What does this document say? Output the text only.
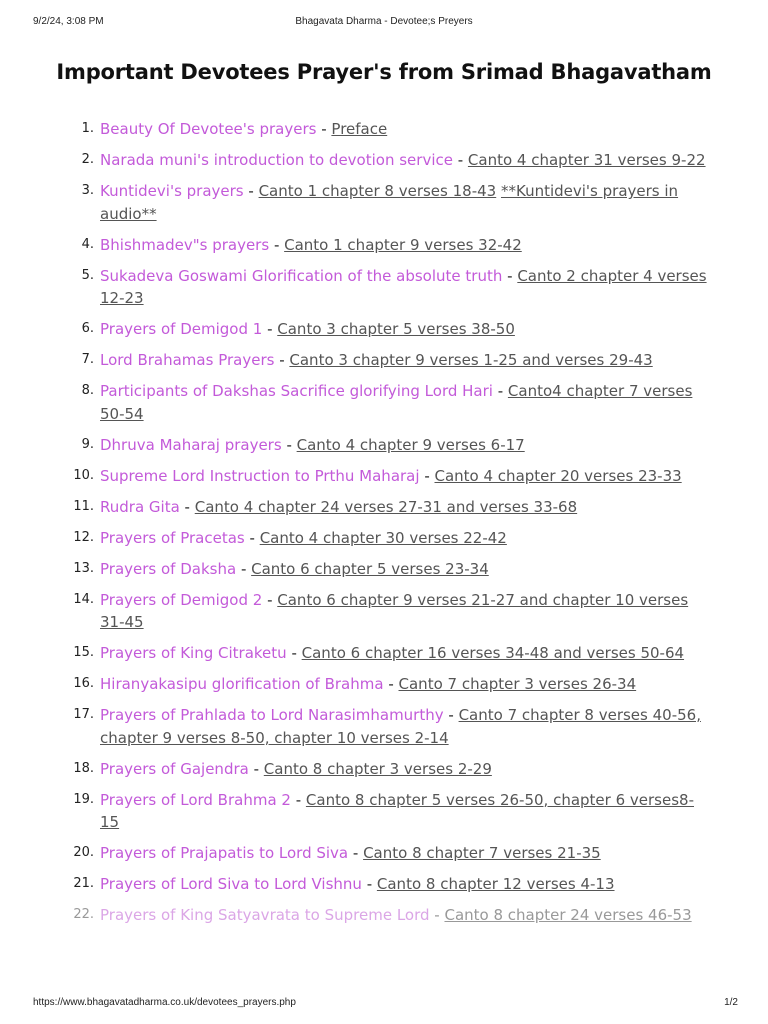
9/2/24, 3:08 PM	Bhagavata Dharma - Devotee;s Preyers
Important Devotees Prayer's from Srimad Bhagavatham
1. Beauty Of Devotee's prayers - Preface
2. Narada muni's introduction to devotion service - Canto 4 chapter 31 verses 9-22
3. Kuntidevi's prayers - Canto 1 chapter 8 verses 18-43 **Kuntidevi's prayers in audio**
4. Bhishmadev"s prayers - Canto 1 chapter 9 verses 32-42
5. Sukadeva Goswami Glorification of the absolute truth - Canto 2 chapter 4 verses 12-23
6. Prayers of Demigod 1 - Canto 3 chapter 5 verses 38-50
7. Lord Brahamas Prayers - Canto 3 chapter 9 verses 1-25 and verses 29-43
8. Participants of Dakshas Sacrifice glorifying Lord Hari - Canto4 chapter 7 verses 50-54
9. Dhruva Maharaj prayers - Canto 4 chapter 9 verses 6-17
10. Supreme Lord Instruction to Prthu Maharaj - Canto 4 chapter 20 verses 23-33
11. Rudra Gita - Canto 4 chapter 24 verses 27-31 and verses 33-68
12. Prayers of Pracetas - Canto 4 chapter 30 verses 22-42
13. Prayers of Daksha - Canto 6 chapter 5 verses 23-34
14. Prayers of Demigod 2 - Canto 6 chapter 9 verses 21-27 and chapter 10 verses 31-45
15. Prayers of King Citraketu - Canto 6 chapter 16 verses 34-48 and verses 50-64
16. Hiranyakasipu glorification of Brahma - Canto 7 chapter 3 verses 26-34
17. Prayers of Prahlada to Lord Narasimhamurthy - Canto 7 chapter 8 verses 40-56, chapter 9 verses 8-50, chapter 10 verses 2-14
18. Prayers of Gajendra - Canto 8 chapter 3 verses 2-29
19. Prayers of Lord Brahma 2 - Canto 8 chapter 5 verses 26-50, chapter 6 verses8-15
20. Prayers of Prajapatis to Lord Siva - Canto 8 chapter 7 verses 21-35
21. Prayers of Lord Siva to Lord Vishnu - Canto 8 chapter 12 verses 4-13
22. Prayers of King Satyavrata to Supreme Lord - Canto 8 chapter 24 verses 46-53
https://www.bhagavatadharma.co.uk/devotees_prayers.php	1/2
